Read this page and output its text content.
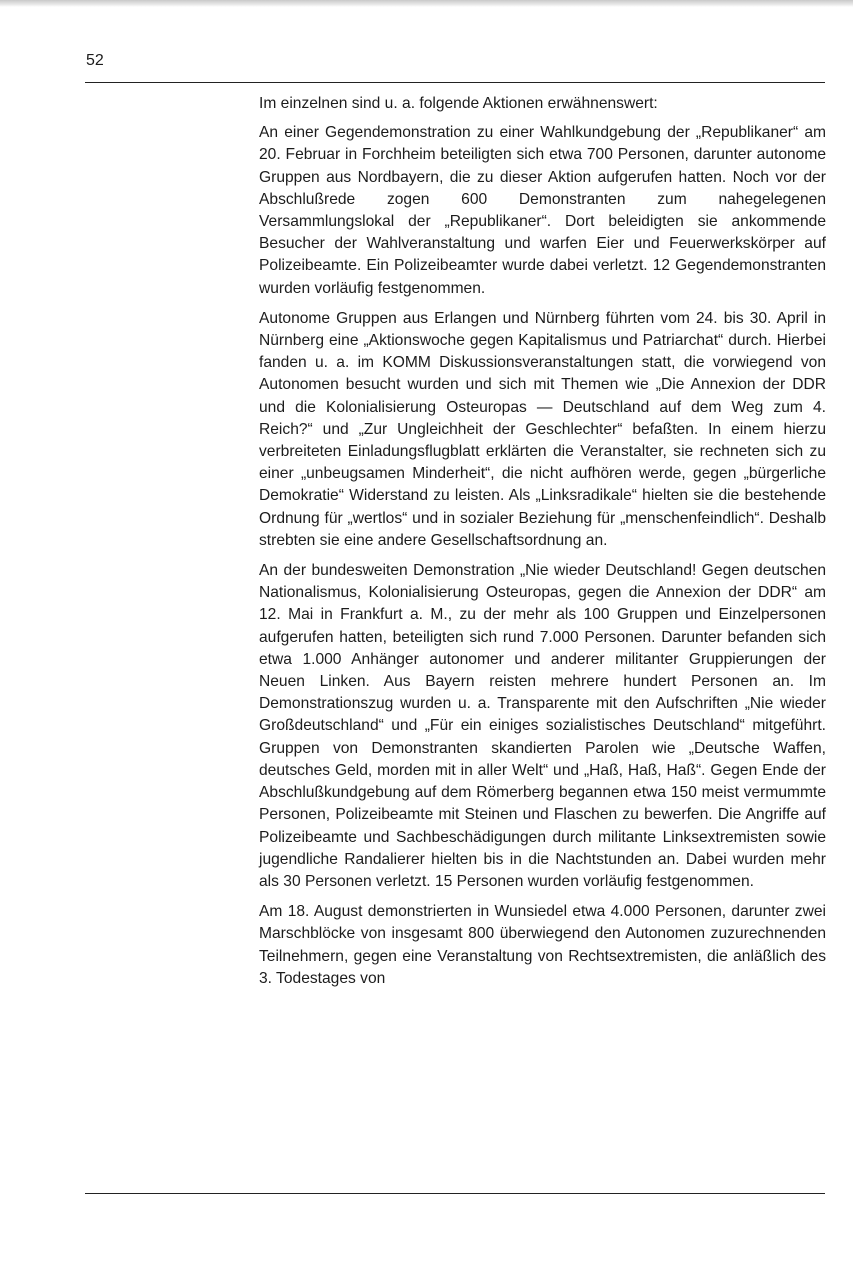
52

Im einzelnen sind u. a. folgende Aktionen erwähnenswert:

An einer Gegendemonstration zu einer Wahlkundgebung der „Republikaner“ am 20. Februar in Forchheim beteiligten sich etwa 700 Personen, darunter autonome Gruppen aus Nordbayern, die zu dieser Aktion aufgerufen hatten. Noch vor der Abschlußrede zogen 600 Demonstranten zum nahegelegenen Versammlungslokal der „Republikaner“. Dort beleidigten sie ankommende Besucher der Wahlveranstaltung und warfen Eier und Feuerwerkskörper auf Polizeibeamte. Ein Polizeibeamter wurde dabei verletzt. 12 Gegendemonstranten wurden vorläufig festgenommen.

Autonome Gruppen aus Erlangen und Nürnberg führten vom 24. bis 30. April in Nürnberg eine „Aktionswoche gegen Kapitalismus und Patriarchat“ durch. Hierbei fanden u. a. im KOMM Diskussionsveranstaltungen statt, die vorwiegend von Autonomen besucht wurden und sich mit Themen wie „Die Annexion der DDR und die Kolonialisierung Osteuropas — Deutschland auf dem Weg zum 4. Reich?“ und „Zur Ungleichheit der Geschlechter“ befaßten. In einem hierzu verbreiteten Einladungsflugblatt erklärten die Veranstalter, sie rechneten sich zu einer „unbeugsamen Minderheit“, die nicht aufhören werde, gegen „bürgerliche Demokratie“ Widerstand zu leisten. Als „Linksradikale“ hielten sie die bestehende Ordnung für „wertlos“ und in sozialer Beziehung für „menschenfeindlich“. Deshalb strebten sie eine andere Gesellschaftsordnung an.

An der bundesweiten Demonstration „Nie wieder Deutschland! Gegen deutschen Nationalismus, Kolonialisierung Osteuropas, gegen die Annexion der DDR“ am 12. Mai in Frankfurt a. M., zu der mehr als 100 Gruppen und Einzelpersonen aufgerufen hatten, beteiligten sich rund 7.000 Personen. Darunter befanden sich etwa 1.000 Anhänger autonomer und anderer militanter Gruppierungen der Neuen Linken. Aus Bayern reisten mehrere hundert Personen an. Im Demonstrationszug wurden u. a. Transparente mit den Aufschriften „Nie wieder Großdeutschland“ und „Für ein einiges sozialistisches Deutschland“ mitgeführt. Gruppen von Demonstranten skandierten Parolen wie „Deutsche Waffen, deutsches Geld, morden mit in aller Welt“ und „Haß, Haß, Haß“. Gegen Ende der Abschlußkundgebung auf dem Römerberg begannen etwa 150 meist vermummte Personen, Polizeibeamte mit Steinen und Flaschen zu bewerfen. Die Angriffe auf Polizeibeamte und Sachbeschädigungen durch militante Linksextremisten sowie jugendliche Randalierer hielten bis in die Nachtstunden an. Dabei wurden mehr als 30 Personen verletzt. 15 Personen wurden vorläufig festgenommen.

Am 18. August demonstrierten in Wunsiedel etwa 4.000 Personen, darunter zwei Marschblöcke von insgesamt 800 überwiegend den Autonomen zuzurechnenden Teilnehmern, gegen eine Veranstaltung von Rechtsextremisten, die anläßlich des 3. Todestages von
